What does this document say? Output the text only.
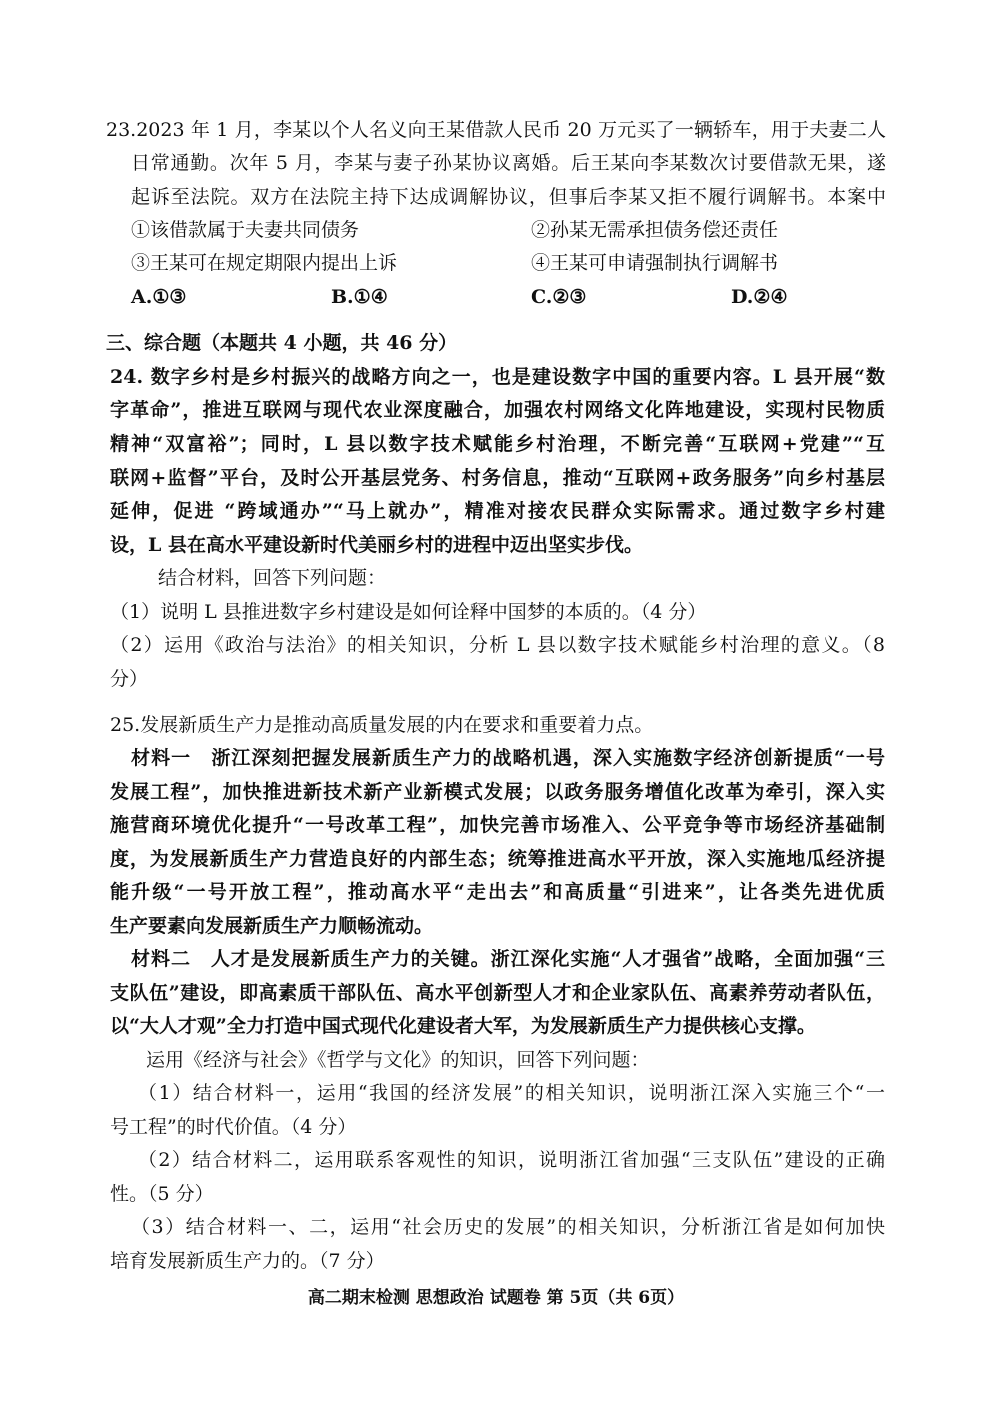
23.2023 年 1 月，李某以个人名义向王某借款人民币 20 万元买了一辆轿车，用于夫妻二人
日常通勤。次年 5 月，李某与妻子孙某协议离婚。后王某向李某数次讨要借款无果，遂
起诉至法院。双方在法院主持下达成调解协议，但事后李某又拒不履行调解书。本案中
①该借款属于夫妻共同债务	②孙某无需承担债务偿还责任
③王某可在规定期限内提出上诉	④王某可申请强制执行调解书
A.①③	B.①④	C.②③	D.②④
三、综合题（本题共 4 小题，共 46 分）
24. 数字乡村是乡村振兴的战略方向之一，也是建设数字中国的重要内容。L 县开展“数
字革命”，推进互联网与现代农业深度融合，加强农村网络文化阵地建设，实现村民物质
精神“双富裕”；同时，L 县以数字技术赋能乡村治理，不断完善“互联网+党建”“互
联网+监督”平台，及时公开基层党务、村务信息，推动“互联网+政务服务”向乡村基层
延伸，促进 “跨域通办”“马上就办”，精准对接农民群众实际需求。通过数字乡村建
设，L 县在高水平建设新时代美丽乡村的进程中迈出坚实步伐。
结合材料，回答下列问题：
（1）说明 L 县推进数字乡村建设是如何诠释中国梦的本质的。（4 分）
（2）运用《政治与法治》的相关知识，分析 L 县以数字技术赋能乡村治理的意义。（8
分）
25.发展新质生产力是推动高质量发展的内在要求和重要着力点。
材料一　浙江深刻把握发展新质生产力的战略机遇，深入实施数字经济创新提质“一号
发展工程”，加快推进新技术新产业新模式发展；以政务服务增值化改革为牵引，深入实
施营商环境优化提升“一号改革工程”，加快完善市场准入、公平竞争等市场经济基础制
度，为发展新质生产力营造良好的内部生态；统筹推进高水平开放，深入实施地瓜经济提
能升级“一号开放工程”，推动高水平“走出去”和高质量“引进来”，让各类先进优质
生产要素向发展新质生产力顺畅流动。
材料二　人才是发展新质生产力的关键。浙江深化实施“人才强省”战略，全面加强“三
支队伍”建设，即高素质干部队伍、高水平创新型人才和企业家队伍、高素养劳动者队伍，
以“大人才观”全力打造中国式现代化建设者大军，为发展新质生产力提供核心支撑。
运用《经济与社会》《哲学与文化》的知识，回答下列问题：
（1）结合材料一，运用“我国的经济发展”的相关知识，说明浙江深入实施三个“一
号工程”的时代价值。（4 分）
（2）结合材料二，运用联系客观性的知识，说明浙江省加强“三支队伍”建设的正确
性。（5 分）
（3）结合材料一、二，运用“社会历史的发展”的相关知识，分析浙江省是如何加快
培育发展新质生产力的。（7 分）
高二期末检测 思想政治 试题卷 第 5页（共 6页）
